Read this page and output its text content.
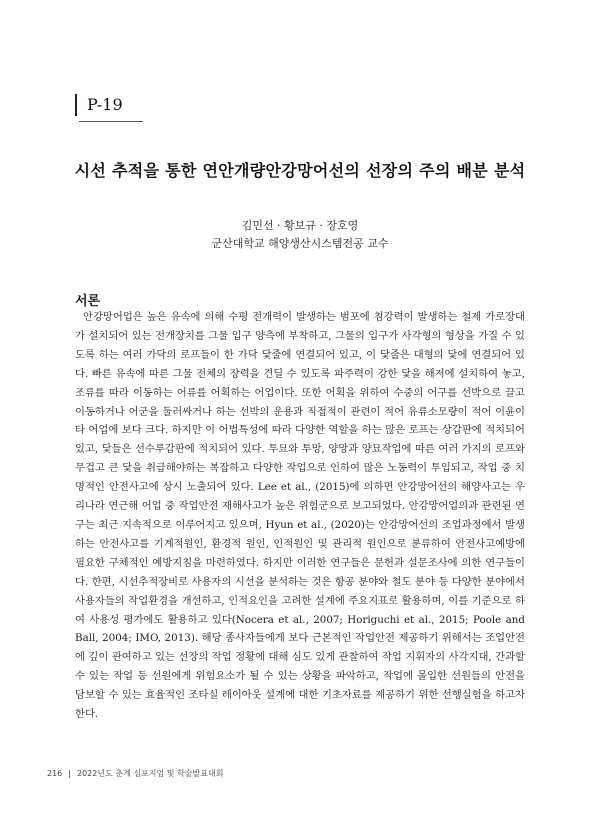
P-19
시선 추적을 통한 연안개량안강망어선의 선장의 주의 배분 분석
김민선 · 황보규 · 장호영
군산대학교 해양생산시스템전공 교수
서론

안강망어업은 높은 유속에 의해 수평 전개력이 발생하는 범포에 침강력이 발생하는 철제 가로장대가 설치되어 있는 전개장치를 그물 입구 양측에 부착하고, 그물의 입구가 사각형의 형상을 가질 수 있도록 하는 여러 가닥의 로프들이 한 가닥 닻줄에 연결되어 있고, 이 닻줄은 대형의 닻에 연결되어 있다. 빠른 유속에 따른 그물 전체의 장력을 견딜 수 있도록 파주력이 강한 닻을 해저에 설치하여 놓고, 조류를 따라 이동하는 어류를 어획하는 어업이다. 또한 어획을 위하여 수중의 어구를 선박으로 끌고 이동하거나 어군을 둘러싸거나 하는 선박의 운용과 직접적이 관련이 적어 유류소모량이 적어 이윤이 타 어업에 보다 크다. 하지만 이 어법특성에 따라 다양한 역할을 하는 많은 로프는 상갑판에 적치되어 있고, 닻들은 선수루갑판에 적치되어 있다. 투묘와 투망, 양망과 양묘작업에 따른 여러 가지의 로프와 무겁고 큰 닻을 취급해야하는 복잡하고 다양한 작업으로 인하여 많은 노동력이 투입되고, 작업 중 치명적인 안전사고에 상시 노출되어 있다. Lee et al., (2015)에 의하면 안강망어선의 해양사고는 우리나라 연근해 어업 중 작업안전 재해사고가 높은 위험군으로 보고되었다. 안강망어업의과 관련된 연구는 최근 지속적으로 이루어지고 있으며, Hyun et al., (2020)는 안강망어선의 조업과정에서 발생하는 안전사고를 기계적원인, 환경적 원인, 인적원인 및 관리적 원인으로 분류하여 안전사고예방에 필요한 구체적인 예방지침을 마련하였다. 하지만 이러한 연구들은 문헌과 설문조사에 의한 연구들이다. 한편, 시선추적장비로 사용자의 시선을 분석하는 것은 항공 분야와 철도 분야 등 다양한 분야에서 사용자들의 작업환경을 개선하고, 인적요인을 고려한 설계에 주요지표로 활용하며, 이를 기준으로 하여 사용성 평가에도 활용하고 있다(Nocera et al., 2007; Horiguchi et al., 2015; Poole and Ball, 2004; IMO, 2013). 해당 종사자들에게 보다 근본적인 작업안전 제공하기 위해서는 조업안전에 깊이 관여하고 있는 선장의 작업 정황에 대해 심도 있게 관찰하여 작업 지휘자의 사각지대, 간과할 수 있는 작업 등 선원에게 위험요소가 될 수 있는 상황을 파악하고, 작업에 몰입한 선원들의 안전을 담보할 수 있는 효율적인 조타실 레이아웃 설계에 대한 기초자료를 제공하기 위한 선행실험을 하고자 한다.

216 | 2022년도 춘계 심포지엄 및 학술발표대회
